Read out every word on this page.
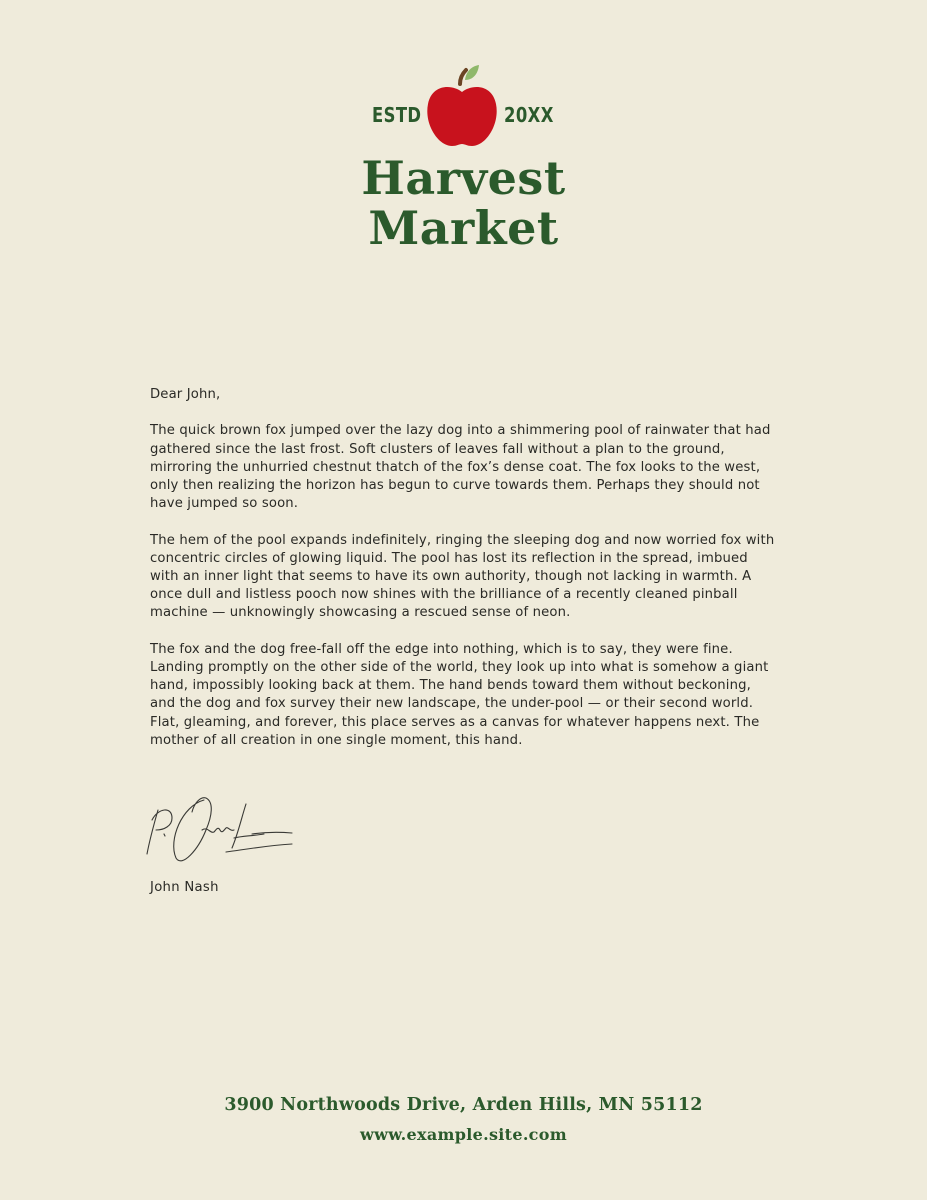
ESTD	20XX
Harvest
Market

Dear John,

The quick brown fox jumped over the lazy dog into a shimmering pool of rainwater that had gathered since the last frost. Soft clusters of leaves fall without a plan to the ground, mirroring the unhurried chestnut thatch of the fox’s dense coat. The fox looks to the west, only then realizing the horizon has begun to curve towards them. Perhaps they should not have jumped so soon.

The hem of the pool expands indefinitely, ringing the sleeping dog and now worried fox with concentric circles of glowing liquid. The pool has lost its reflection in the spread, imbued with an inner light that seems to have its own authority, though not lacking in warmth. A once dull and listless pooch now shines with the brilliance of a recently cleaned pinball machine — unknowingly showcasing a rescued sense of neon.

The fox and the dog free-fall off the edge into nothing, which is to say, they were fine. Landing promptly on the other side of the world, they look up into what is somehow a giant hand, impossibly looking back at them. The hand bends toward them without beckoning, and the dog and fox survey their new landscape, the under-pool — or their second world. Flat, gleaming, and forever, this place serves as a canvas for whatever happens next. The mother of all creation in one single moment, this hand.

John Nash
3900 Northwoods Drive, Arden Hills, MN 55112
www.example.site.com
